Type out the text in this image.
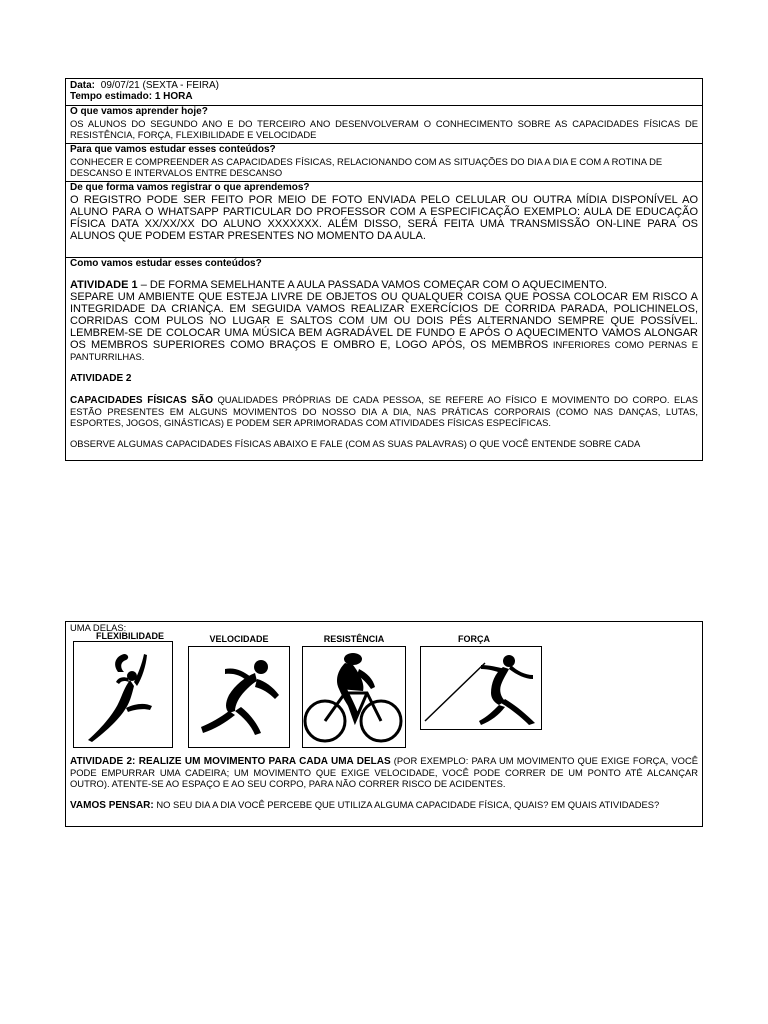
Data: 09/07/21 (SEXTA - FEIRA)

Tempo estimado: 1 HORA

O que vamos aprender hoje?

OS ALUNOS DO SEGUNDO ANO E DO TERCEIRO ANO DESENVOLVERAM O CONHECIMENTO SOBRE AS CAPACIDADES FÍSICAS DE RESISTÊNCIA, FORÇA, FLEXIBILIDADE E VELOCIDADE

Para que vamos estudar esses conteúdos?

CONHECER E COMPREENDER AS CAPACIDADES FÍSICAS, RELACIONANDO COM AS SITUAÇÕES DO DIA A DIA E COM A ROTINA DE DESCANSO E INTERVALOS ENTRE DESCANSO

De que forma vamos registrar o que aprendemos?

O REGISTRO PODE SER FEITO POR MEIO DE FOTO ENVIADA PELO CELULAR OU OUTRA MÍDIA DISPONÍVEL AO ALUNO PARA O WHATSAPP PARTICULAR DO PROFESSOR COM A ESPECIFICAÇÃO EXEMPLO: AULA DE EDUCAÇÃO FÍSICA DATA XX/XX/XX DO ALUNO XXXXXXX. ALÉM DISSO, SERÁ FEITA UMA TRANSMISSÃO ON-LINE PARA OS ALUNOS QUE PODEM ESTAR PRESENTES NO MOMENTO DA AULA.

Como vamos estudar esses conteúdos?

ATIVIDADE 1 – DE FORMA SEMELHANTE A AULA PASSADA VAMOS COMEÇAR COM O AQUECIMENTO.
SEPARE UM AMBIENTE QUE ESTEJA LIVRE DE OBJETOS OU QUALQUER COISA QUE POSSA COLOCAR EM RISCO A INTEGRIDADE DA CRIANÇA. EM SEGUIDA VAMOS REALIZAR EXERCÍCIOS DE CORRIDA PARADA, POLICHINELOS, CORRIDAS COM PULOS NO LUGAR E SALTOS COM UM OU DOIS PÉS ALTERNANDO SEMPRE QUE POSSÍVEL. LEMBREM-SE DE COLOCAR UMA MÚSICA BEM AGRADÁVEL DE FUNDO E APÓS O AQUECIMENTO VAMOS ALONGAR OS MEMBROS SUPERIORES COMO BRAÇOS E OMBRO E, LOGO APÓS, OS MEMBROS INFERIORES COMO PERNAS E PANTURRILHAS.

ATIVIDADE 2

CAPACIDADES FÍSICAS SÃO QUALIDADES PRÓPRIAS DE CADA PESSOA, SE REFERE AO FÍSICO E MOVIMENTO DO CORPO. ELAS ESTÃO PRESENTES EM ALGUNS MOVIMENTOS DO NOSSO DIA A DIA, NAS PRÁTICAS CORPORAIS (COMO NAS DANÇAS, LUTAS, ESPORTES, JOGOS, GINÁSTICAS) E PODEM SER APRIMORADAS COM ATIVIDADES FÍSICAS ESPECÍFICAS.

OBSERVE ALGUMAS CAPACIDADES FÍSICAS ABAIXO E FALE (COM AS SUAS PALAVRAS) O QUE VOCÊ ENTENDE SOBRE CADA

UMA DELAS:

FLEXIBILIDADE	VELOCIDADE	RESISTÊNCIA	FORÇA

ATIVIDADE 2: REALIZE UM MOVIMENTO PARA CADA UMA DELAS (POR EXEMPLO: PARA UM MOVIMENTO QUE EXIGE FORÇA, VOCÊ PODE EMPURRAR UMA CADEIRA; UM MOVIMENTO QUE EXIGE VELOCIDADE, VOCÊ PODE CORRER DE UM PONTO ATÉ ALCANÇAR OUTRO). ATENTE-SE AO ESPAÇO E AO SEU CORPO, PARA NÃO CORRER RISCO DE ACIDENTES.

VAMOS PENSAR: NO SEU DIA A DIA VOCÊ PERCEBE QUE UTILIZA ALGUMA CAPACIDADE FÍSICA, QUAIS? EM QUAIS ATIVIDADES?
